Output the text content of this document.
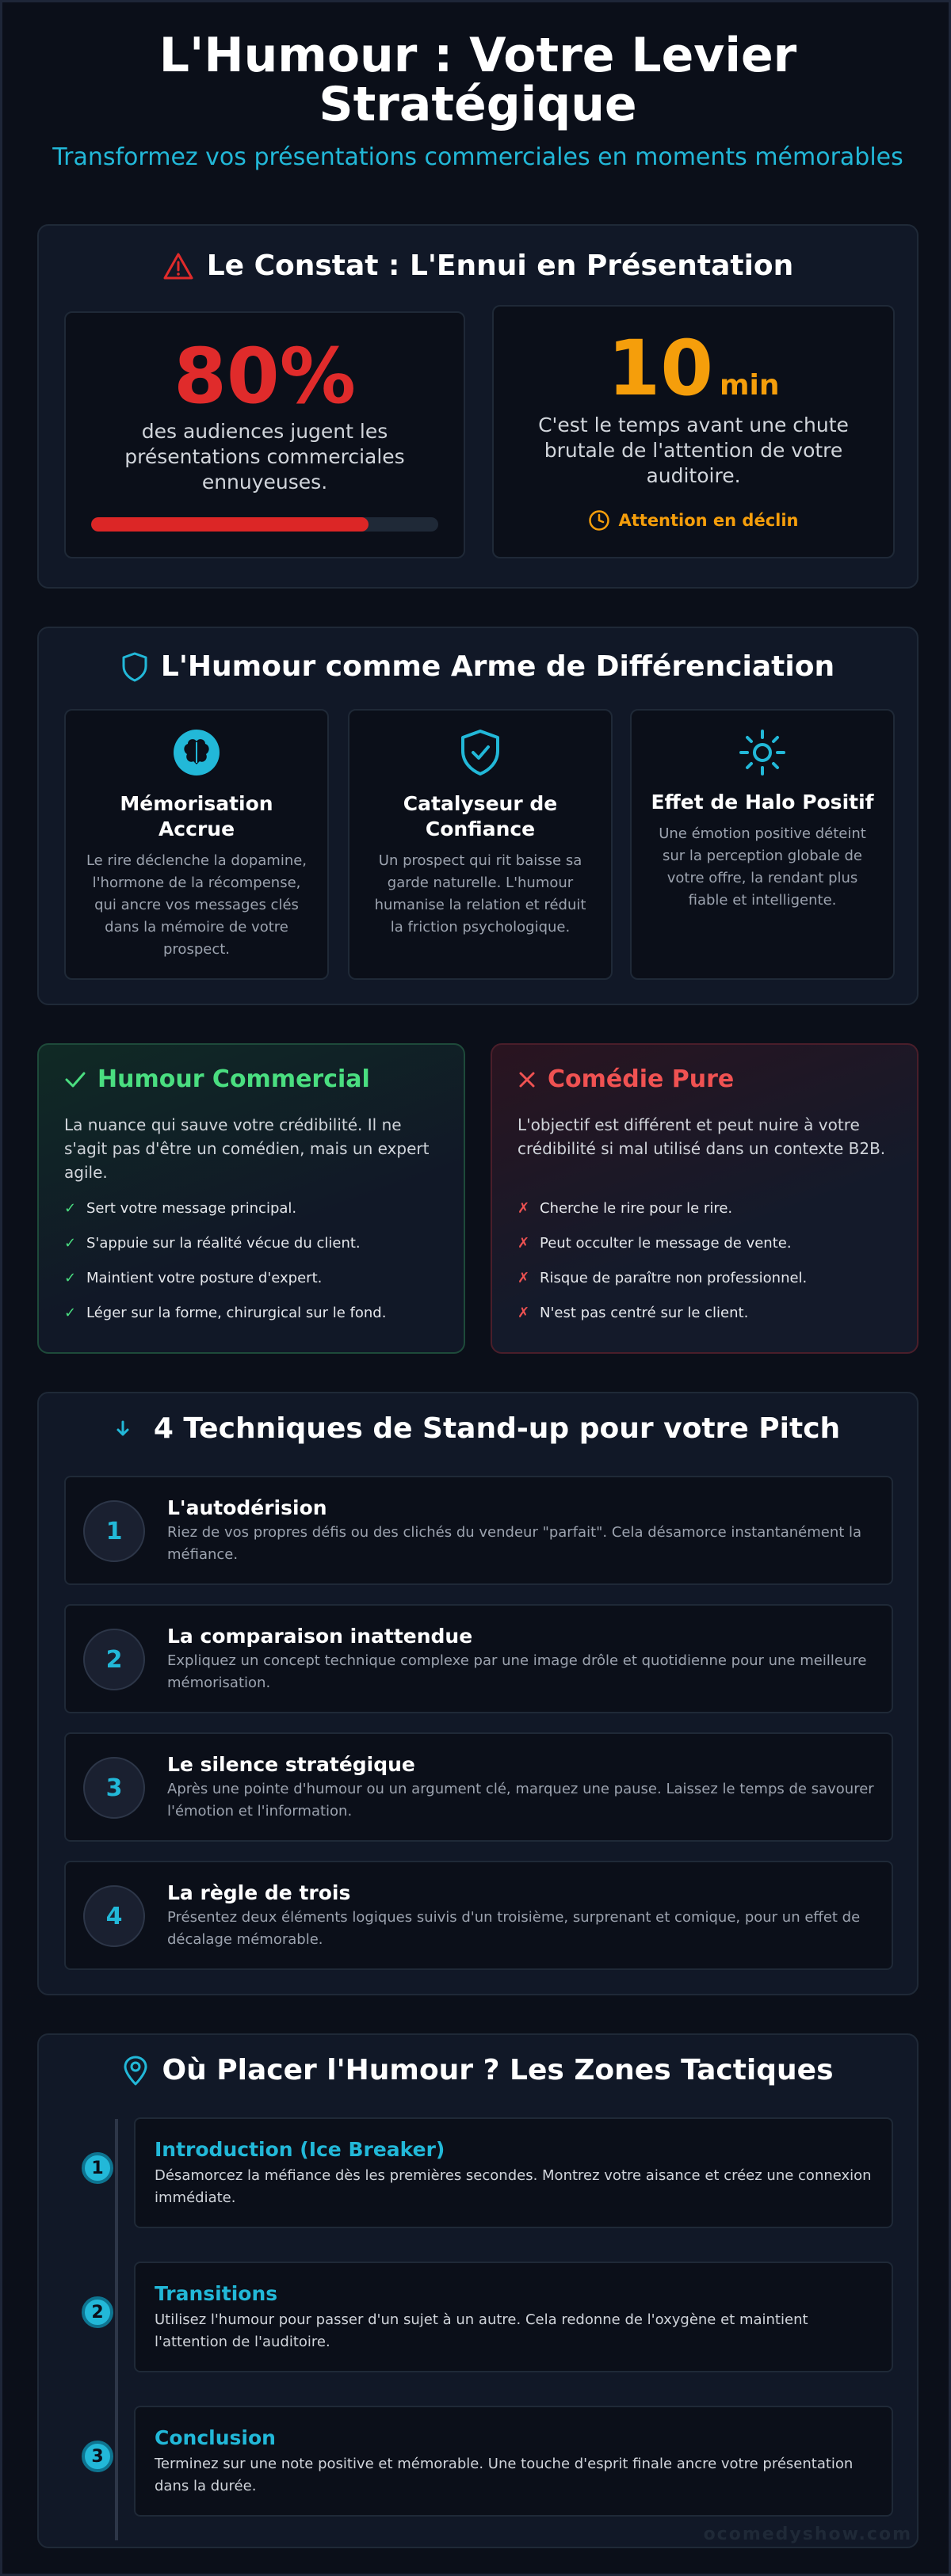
L'Humour : Votre Levier
Stratégique
Transformez vos présentations commerciales en moments mémorables
Le Constat : L'Ennui en Présentation
80%
des audiences jugent les présentations commerciales ennuyeuses.
10 min
C'est le temps avant une chute brutale de l'attention de votre auditoire.
Attention en déclin
L'Humour comme Arme de Différenciation
Mémorisation Accrue
Le rire déclenche la dopamine, l'hormone de la récompense, qui ancre vos messages clés dans la mémoire de votre prospect.
Catalyseur de Confiance
Un prospect qui rit baisse sa garde naturelle. L'humour humanise la relation et réduit la friction psychologique.
Effet de Halo Positif
Une émotion positive déteint sur la perception globale de votre offre, la rendant plus fiable et intelligente.
Humour Commercial
La nuance qui sauve votre crédibilité. Il ne s'agit pas d'être un comédien, mais un expert agile.
✓ Sert votre message principal.
✓ S'appuie sur la réalité vécue du client.
✓ Maintient votre posture d'expert.
✓ Léger sur la forme, chirurgical sur le fond.
Comédie Pure
L'objectif est différent et peut nuire à votre crédibilité si mal utilisé dans un contexte B2B.
✗ Cherche le rire pour le rire.
✗ Peut occulter le message de vente.
✗ Risque de paraître non professionnel.
✗ N'est pas centré sur le client.
4 Techniques de Stand-up pour votre Pitch
1
L'autodérision
Riez de vos propres défis ou des clichés du vendeur "parfait". Cela désamorce instantanément la méfiance.
2
La comparaison inattendue
Expliquez un concept technique complexe par une image drôle et quotidienne pour une meilleure mémorisation.
3
Le silence stratégique
Après une pointe d'humour ou un argument clé, marquez une pause. Laissez le temps de savourer l'émotion et l'information.
4
La règle de trois
Présentez deux éléments logiques suivis d'un troisième, surprenant et comique, pour un effet de décalage mémorable.
Où Placer l'Humour ? Les Zones Tactiques
1
Introduction (Ice Breaker)
Désamorcez la méfiance dès les premières secondes. Montrez votre aisance et créez une connexion immédiate.
2
Transitions
Utilisez l'humour pour passer d'un sujet à un autre. Cela redonne de l'oxygène et maintient l'attention de l'auditoire.
3
Conclusion
Terminez sur une note positive et mémorable. Une touche d'esprit finale ancre votre présentation dans la durée.
ocomedyshow.com
